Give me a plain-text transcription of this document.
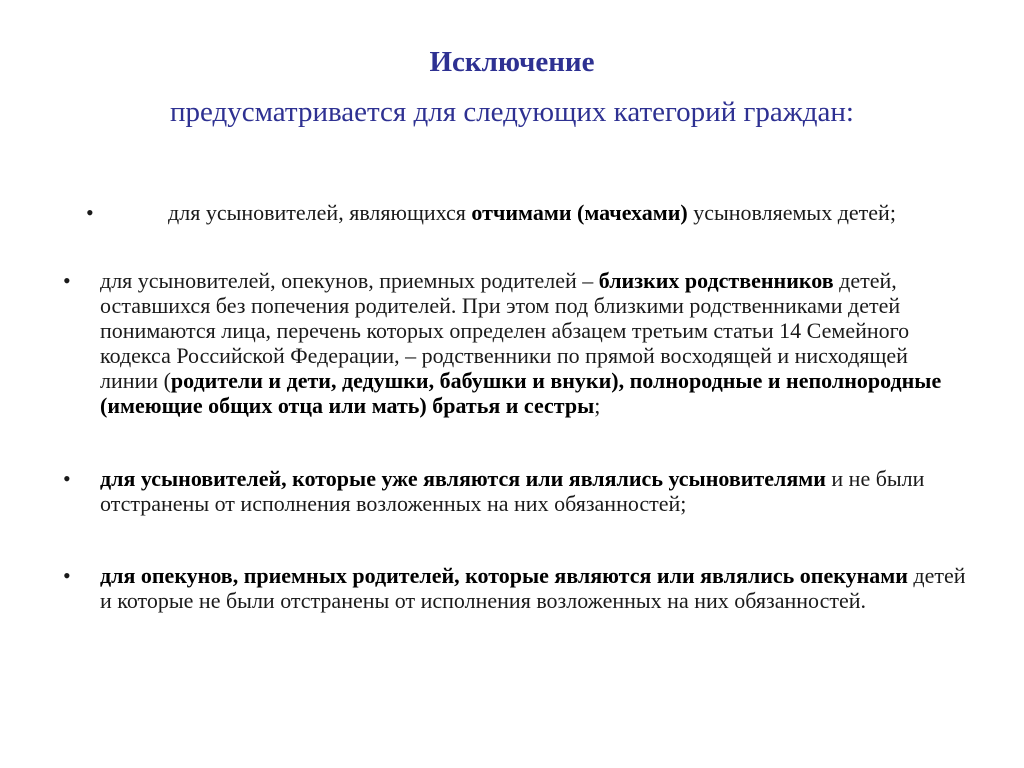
Исключение

предусматривается для следующих категорий граждан:

•	для усыновителей, являющихся отчимами (мачехами) усыновляемых детей;
• для усыновителей, опекунов, приемных родителей – близких родственников детей, оставшихся без попечения родителей. При этом под близкими родственниками детей понимаются лица, перечень которых определен абзацем третьим статьи 14 Семейного кодекса Российской Федерации, – родственники по прямой восходящей и нисходящей линии (родители и дети, дедушки, бабушки и внуки), полнородные и неполнородные (имеющие общих отца или мать) братья и сестры;
• для усыновителей, которые уже являются или являлись усыновителями и не были отстранены от исполнения возложенных на них обязанностей;
• для опекунов, приемных родителей, которые являются или являлись опекунами детей и которые не были отстранены от исполнения возложенных на них обязанностей.
